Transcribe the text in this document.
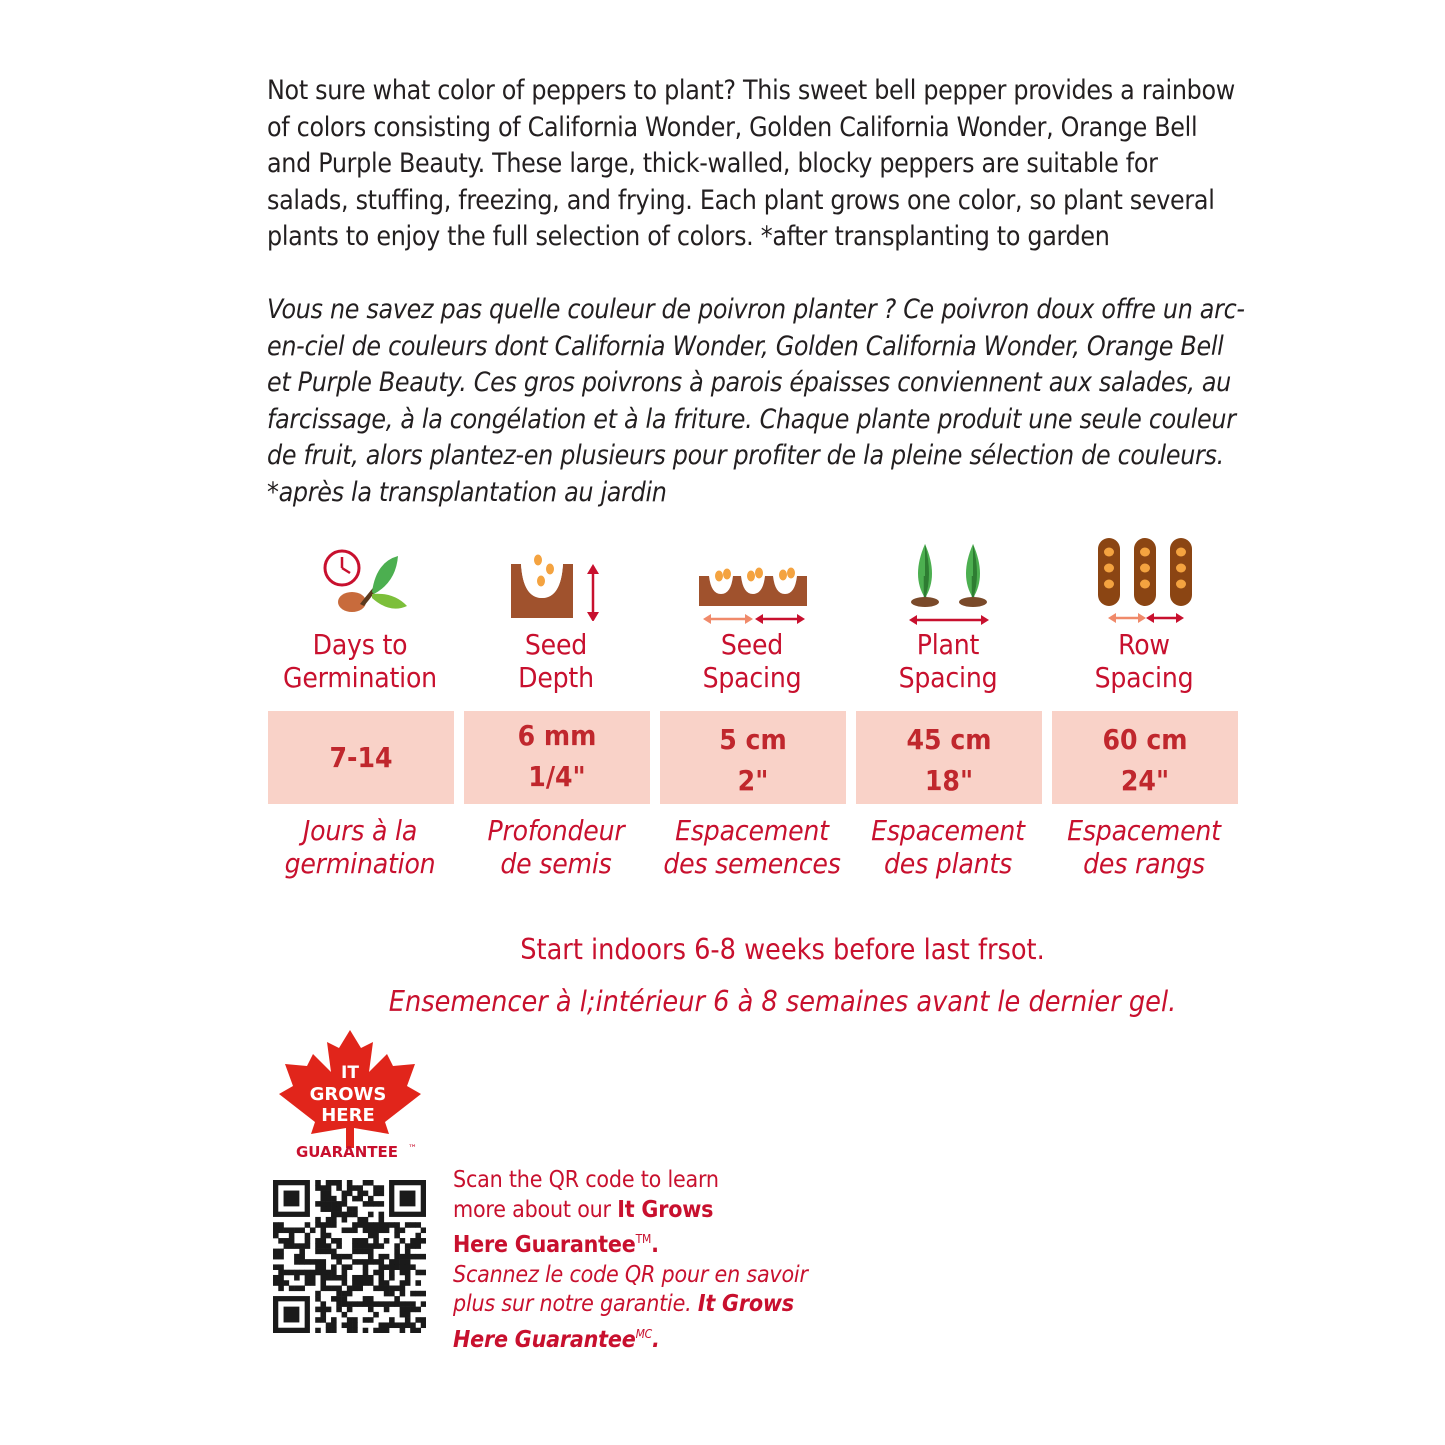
Not sure what color of peppers to plant? This sweet bell pepper provides a rainbow
of colors consisting of California Wonder, Golden California Wonder, Orange Bell
and Purple Beauty. These large, thick-walled, blocky peppers are suitable for
salads, stuffing, freezing, and frying. Each plant grows one color, so plant several
plants to enjoy the full selection of colors. *after transplanting to garden

Vous ne savez pas quelle couleur de poivron planter ? Ce poivron doux offre un arc-
en-ciel de couleurs dont California Wonder, Golden California Wonder, Orange Bell
et Purple Beauty. Ces gros poivrons à parois épaisses conviennent aux salades, au
farcissage, à la congélation et à la friture. Chaque plante produit une seule couleur
de fruit, alors plantez-en plusieurs pour profiter de la pleine sélection de couleurs.
*après la transplantation au jardin

Days to
Germination
Seed
Depth
Seed
Spacing
Plant
Spacing
Row
Spacing
7-14
6 mm
1/4"
5 cm
2"
45 cm
18"
60 cm
24"
Jours à la
germination
Profondeur
de semis
Espacement
des semences
Espacement
des plants
Espacement
des rangs
Start indoors 6-8 weeks before last frsot.
Ensemencer à l;intérieur 6 à 8 semaines avant le dernier gel.
IT
GROWS
HERE
GUARANTEE ™
Scan the QR code to learn
more about our It Grows
Here Guarantee™.
Scannez le code QR pour en savoir
plus sur notre garantie. It Grows
Here Guarantee$^{MC}$.
